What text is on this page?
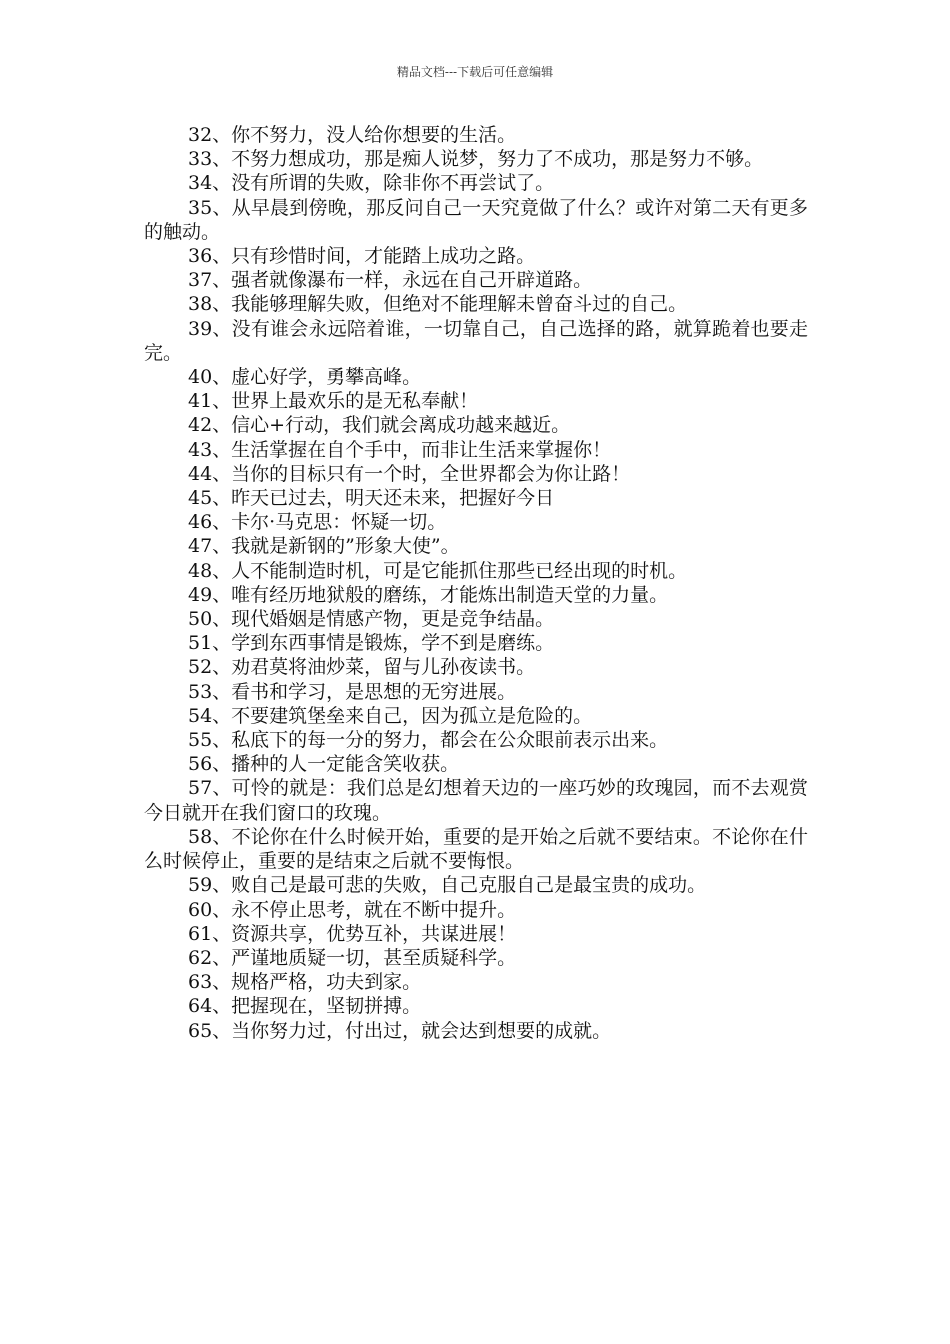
精品文档---下载后可任意编辑

32、你不努力，没人给你想要的生活。

33、不努力想成功，那是痴人说梦，努力了不成功，那是努力不够。

34、没有所谓的失败，除非你不再尝试了。

35、从早晨到傍晚，那反问自己一天究竟做了什么？或许对第二天有更多的触动。

36、只有珍惜时间，才能踏上成功之路。

37、强者就像瀑布一样，永远在自己开辟道路。

38、我能够理解失败，但绝对不能理解未曾奋斗过的自己。

39、没有谁会永远陪着谁，一切靠自己，自己选择的路，就算跪着也要走完。

40、虚心好学，勇攀高峰。

41、世界上最欢乐的是无私奉献！

42、信心+行动，我们就会离成功越来越近。

43、生活掌握在自个手中，而非让生活来掌握你！

44、当你的目标只有一个时，全世界都会为你让路！

45、昨天已过去，明天还未来，把握好今日

46、卡尔·马克思：怀疑一切。

47、我就是新钢的”形象大使”。

48、人不能制造时机，可是它能抓住那些已经出现的时机。

49、唯有经历地狱般的磨练，才能炼出制造天堂的力量。

50、现代婚姻是情感产物，更是竞争结晶。

51、学到东西事情是锻炼，学不到是磨练。

52、劝君莫将油炒菜，留与儿孙夜读书。

53、看书和学习，是思想的无穷进展。

54、不要建筑堡垒来自己，因为孤立是危险的。

55、私底下的每一分的努力，都会在公众眼前表示出来。

56、播种的人一定能含笑收获。

57、可怜的就是：我们总是幻想着天边的一座巧妙的玫瑰园，而不去观赏今日就开在我们窗口的玫瑰。

58、不论你在什么时候开始，重要的是开始之后就不要结束。不论你在什么时候停止，重要的是结束之后就不要悔恨。

59、败自己是最可悲的失败，自己克服自己是最宝贵的成功。

60、永不停止思考，就在不断中提升。

61、资源共享，优势互补，共谋进展！

62、严谨地质疑一切，甚至质疑科学。

63、规格严格，功夫到家。

64、把握现在，坚韧拼搏。

65、当你努力过，付出过，就会达到想要的成就。
